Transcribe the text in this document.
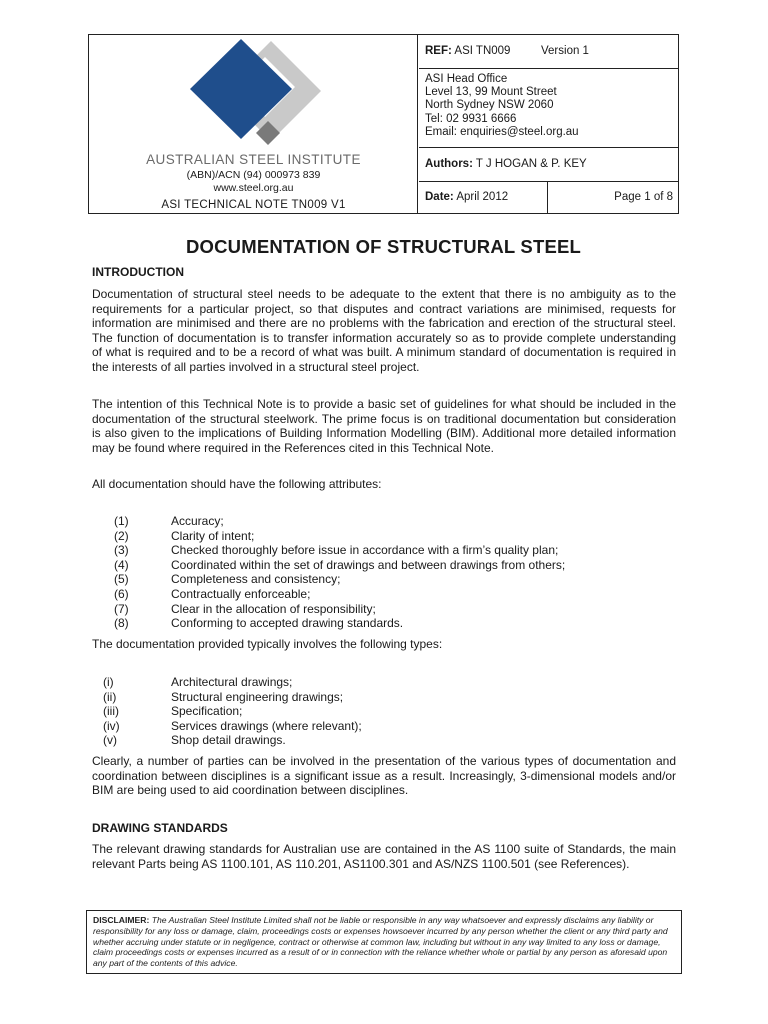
AUSTRALIAN STEEL INSTITUTE
(ABN)/ACN (94) 000973 839
www.steel.org.au
ASI TECHNICAL NOTE TN009 V1
REF: ASI TN009	Version 1
ASI Head Office
Level 13, 99 Mount Street
North Sydney NSW 2060
Tel: 02 9931 6666
Email: enquiries@steel.org.au
Authors: T J HOGAN & P. KEY
Date: April 2012	Page 1 of 8
DOCUMENTATION OF STRUCTURAL STEEL
INTRODUCTION
Documentation of structural steel needs to be adequate to the extent that there is no ambiguity as to the requirements for a particular project, so that disputes and contract variations are minimised, requests for information are minimised and there are no problems with the fabrication and erection of the structural steel. The function of documentation is to transfer information accurately so as to provide complete understanding of what is required and to be a record of what was built. A minimum standard of documentation is required in the interests of all parties involved in a structural steel project.
The intention of this Technical Note is to provide a basic set of guidelines for what should be included in the documentation of the structural steelwork. The prime focus is on traditional documentation but consideration is also given to the implications of Building Information Modelling (BIM). Additional more detailed information may be found where required in the References cited in this Technical Note.
All documentation should have the following attributes:
(1)	Accuracy;
(2)	Clarity of intent;
(3)	Checked thoroughly before issue in accordance with a firm’s quality plan;
(4)	Coordinated within the set of drawings and between drawings from others;
(5)	Completeness and consistency;
(6)	Contractually enforceable;
(7)	Clear in the allocation of responsibility;
(8)	Conforming to accepted drawing standards.
The documentation provided typically involves the following types:
(i)	Architectural drawings;
(ii)	Structural engineering drawings;
(iii)	Specification;
(iv)	Services drawings (where relevant);
(v)	Shop detail drawings.
Clearly, a number of parties can be involved in the presentation of the various types of documentation and coordination between disciplines is a significant issue as a result. Increasingly, 3-dimensional models and/or BIM are being used to aid coordination between disciplines.
DRAWING STANDARDS
The relevant drawing standards for Australian use are contained in the AS 1100 suite of Standards, the main relevant Parts being AS 1100.101, AS 110.201, AS1100.301 and AS/NZS 1100.501 (see References).
DISCLAIMER: The Australian Steel Institute Limited shall not be liable or responsible in any way whatsoever and expressly disclaims any liability or responsibility for any loss or damage, claim, proceedings costs or expenses howsoever incurred by any person whether the client or any third party and whether accruing under statute or in negligence, contract or otherwise at common law, including but without in any way limited to any loss or damage, claim proceedings costs or expenses incurred as a result of or in connection with the reliance whether whole or partial by any person as aforesaid upon any part of the contents of this advice.
